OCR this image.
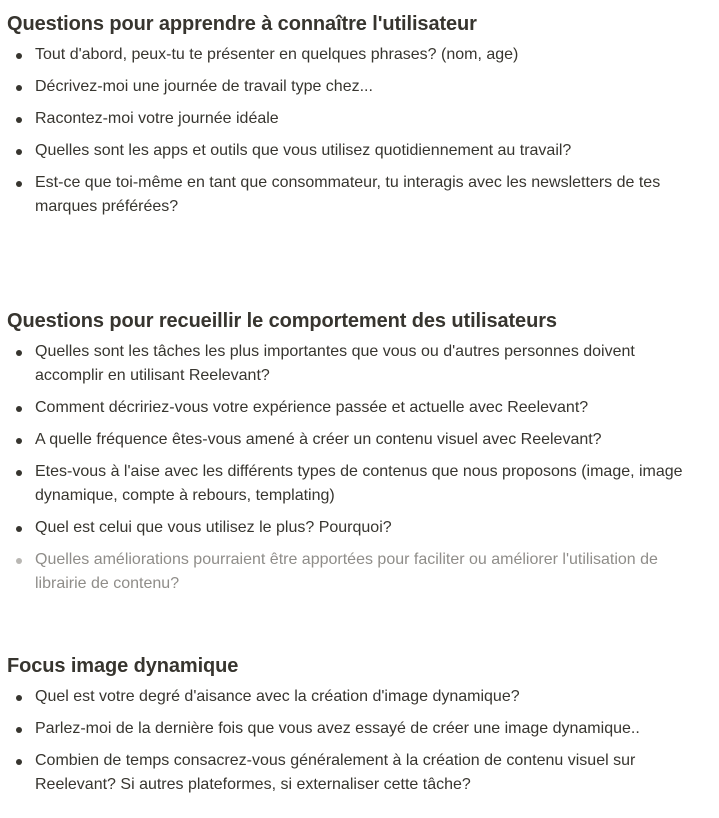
Questions pour apprendre à connaître l'utilisateur
Tout d'abord, peux-tu te présenter en quelques phrases? (nom, age)
Décrivez-moi une journée de travail type chez...
Racontez-moi votre journée idéale
Quelles sont les apps et outils que vous utilisez quotidiennement au travail?
Est-ce que toi-même en tant que consommateur, tu interagis avec les newsletters de tes marques préférées?
Questions pour recueillir le comportement des utilisateurs
Quelles sont les tâches les plus importantes que vous ou d'autres personnes doivent accomplir en utilisant Reelevant?
Comment décririez-vous votre expérience passée et actuelle avec Reelevant?
A quelle fréquence êtes-vous amené à créer un contenu visuel avec Reelevant?
Etes-vous à l'aise avec les différents types de contenus que nous proposons (image, image dynamique, compte à rebours, templating)
Quel est celui que vous utilisez le plus? Pourquoi?
Quelles améliorations pourraient être apportées pour faciliter ou améliorer l'utilisation de librairie de contenu?
Focus image dynamique
Quel est votre degré d'aisance avec la création d'image dynamique?
Parlez-moi de la dernière fois que vous avez essayé de créer une image dynamique..
Combien de temps consacrez-vous généralement à la création de contenu visuel sur Reelevant? Si autres plateformes, si externaliser cette tâche?
